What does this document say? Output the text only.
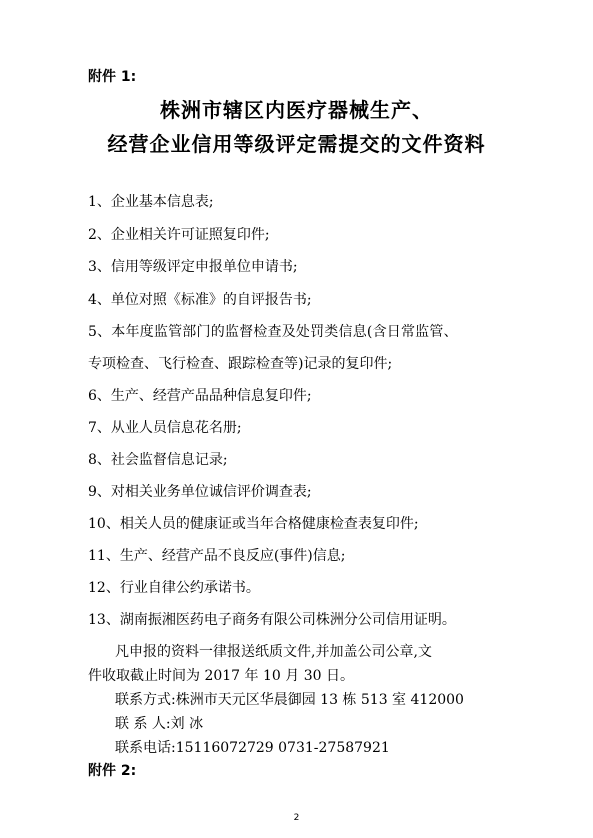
附件 1:
株洲市辖区内医疗器械生产、
经营企业信用等级评定需提交的文件资料
1、企业基本信息表;
2、企业相关许可证照复印件;
3、信用等级评定申报单位申请书;
4、单位对照《标准》的自评报告书;
5、本年度监管部门的监督检查及处罚类信息(含日常监管、
专项检查、飞行检查、跟踪检查等)记录的复印件;
6、生产、经营产品品种信息复印件;
7、从业人员信息花名册;
8、社会监督信息记录;
9、对相关业务单位诚信评价调查表;
10、相关人员的健康证或当年合格健康检查表复印件;
11、生产、经营产品不良反应(事件)信息;
12、行业自律公约承诺书。
13、湖南振湘医药电子商务有限公司株洲分公司信用证明。
凡申报的资料一律报送纸质文件,并加盖公司公章,文
件收取截止时间为 2017 年 10 月 30 日。
联系方式:株洲市天元区华晨御园 13 栋 513 室 412000
联 系 人:刘 冰
联系电话:15116072729 0731-27587921
附件 2:
2
